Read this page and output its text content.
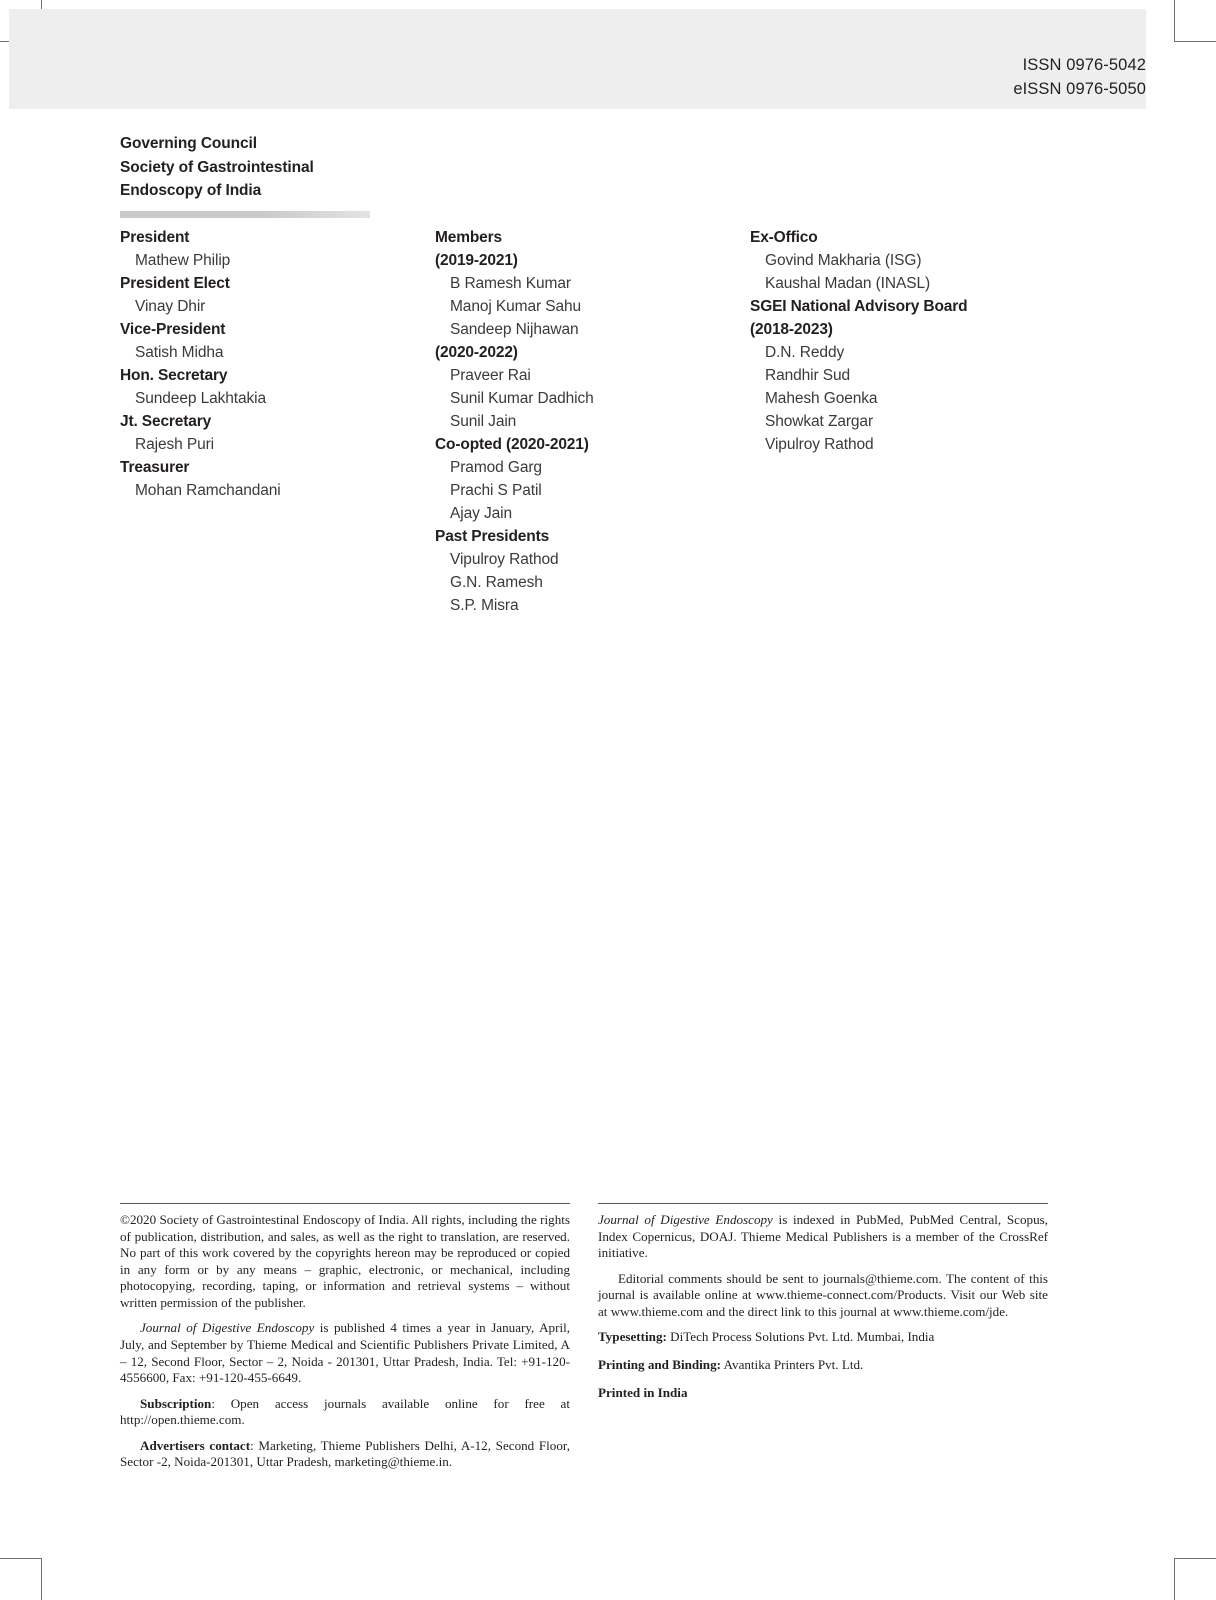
ISSN 0976-5042
eISSN 0976-5050
Governing Council
Society of Gastrointestinal
Endoscopy of India
President
Mathew Philip
President Elect
Vinay Dhir
Vice-President
Satish Midha
Hon. Secretary
Sundeep Lakhtakia
Jt. Secretary
Rajesh Puri
Treasurer
Mohan Ramchandani
Members
(2019-2021)
B Ramesh Kumar
Manoj Kumar Sahu
Sandeep Nijhawan
(2020-2022)
Praveer Rai
Sunil Kumar Dadhich
Sunil Jain
Co-opted (2020-2021)
Pramod Garg
Prachi S Patil
Ajay Jain
Past Presidents
Vipulroy Rathod
G.N. Ramesh
S.P. Misra
Ex-Offico
Govind Makharia (ISG)
Kaushal Madan (INASL)
SGEI National Advisory Board
(2018-2023)
D.N. Reddy
Randhir Sud
Mahesh Goenka
Showkat Zargar
Vipulroy Rathod

©2020 Society of Gastrointestinal Endoscopy of India. All rights, including the rights of publication, distribution, and sales, as well as the right to translation, are reserved. No part of this work covered by the copyrights hereon may be reproduced or copied in any form or by any means – graphic, electronic, or mechanical, including photocopying, recording, taping, or information and retrieval systems – without written permission of the publisher.

Journal of Digestive Endoscopy is published 4 times a year in January, April, July, and September by Thieme Medical and Scientific Publishers Private Limited, A – 12, Second Floor, Sector – 2, Noida - 201301, Uttar Pradesh, India. Tel: +91-120-4556600, Fax: +91-120-455-6649.

Subscription: Open access journals available online for free at http://open.thieme.com.

Advertisers contact: Marketing, Thieme Publishers Delhi, A-12, Second Floor, Sector -2, Noida-201301, Uttar Pradesh, marketing@thieme.in.

Journal of Digestive Endoscopy is indexed in PubMed, PubMed Central, Scopus, Index Copernicus, DOAJ. Thieme Medical Publishers is a member of the CrossRef initiative.

Editorial comments should be sent to journals@thieme.com. The content of this journal is available online at www.thieme-connect.com/Products. Visit our Web site at www.thieme.com and the direct link to this journal at www.thieme.com/jde.

Typesetting: DiTech Process Solutions Pvt. Ltd. Mumbai, India

Printing and Binding: Avantika Printers Pvt. Ltd.

Printed in India
